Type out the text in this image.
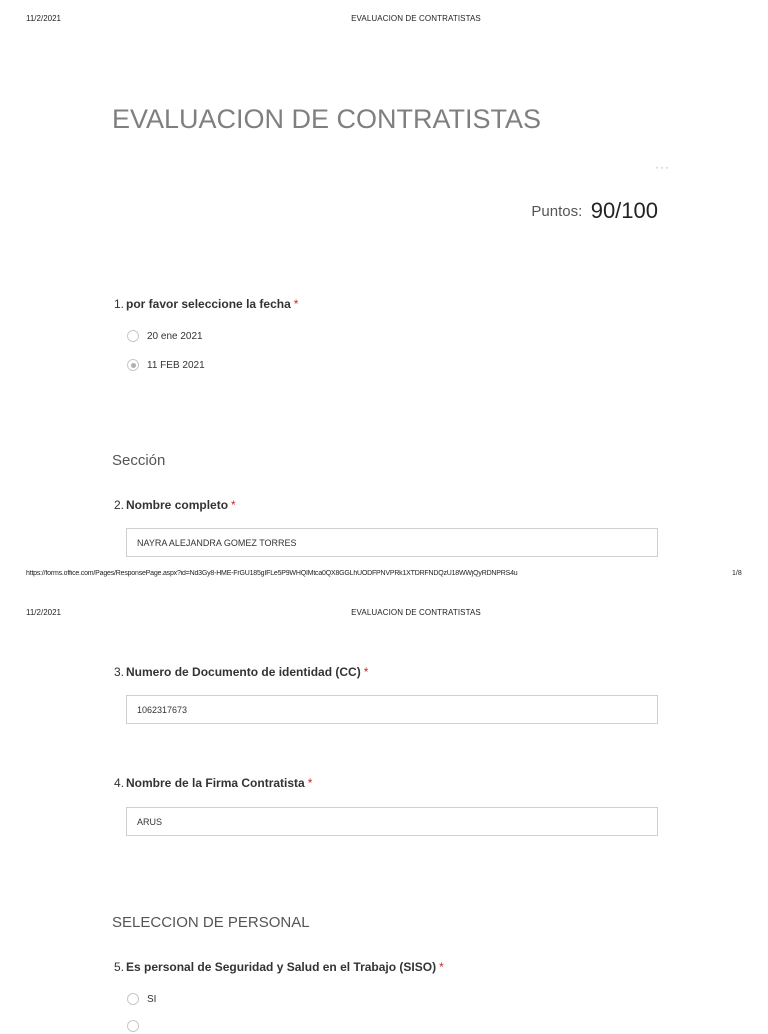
11/2/2021	EVALUACION DE CONTRATISTAS
EVALUACION DE CONTRATISTAS
···
Puntos: 90/100
1. por favor seleccione la fecha *
20 ene 2021
11 FEB 2021
Sección
2. Nombre completo *
NAYRA ALEJANDRA GOMEZ TORRES
https://forms.office.com/Pages/ResponsePage.aspx?id=Nd3Gy8-HME-FrGU185gIFLe5P9WHQIMtca0QX8GGLhUODFPNVPRk1XTDRFNDQzU18WWjQyRDNPRS4u	1/8
11/2/2021	EVALUACION DE CONTRATISTAS
3. Numero de Documento de identidad (CC) *
1062317673
4. Nombre de la Firma Contratista *
ARUS
SELECCION DE PERSONAL
5. Es personal de Seguridad y Salud en el Trabajo (SISO) *
SI
